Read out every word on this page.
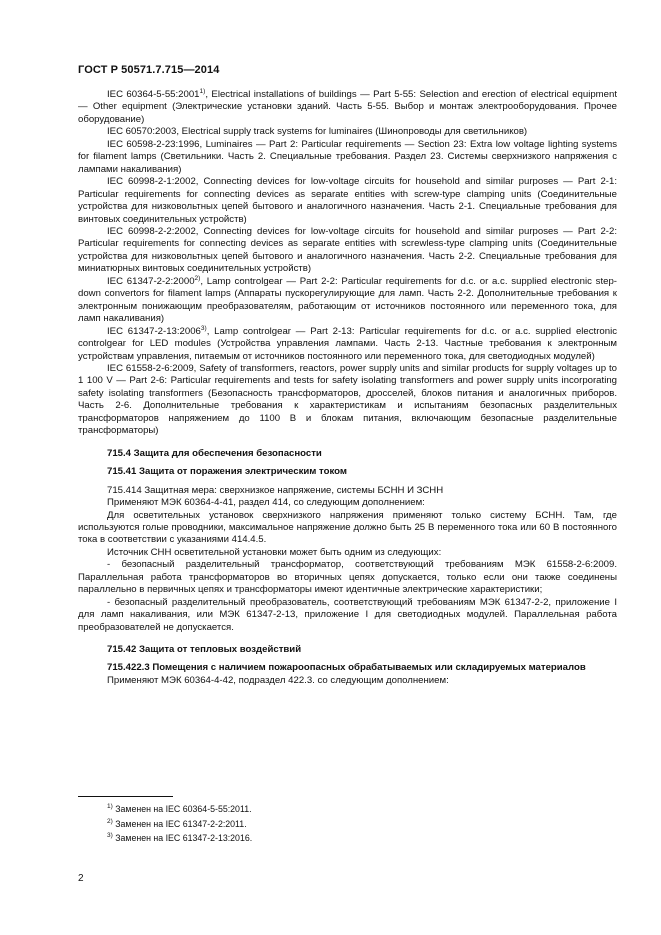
ГОСТ Р 50571.7.715—2014

IEC 60364-5-55:2001$^{1)}$, Electrical installations of buildings — Part 5-55: Selection and erection of electrical equipment — Other equipment (Электрические установки зданий. Часть 5-55. Выбор и монтаж электрооборудования. Прочее оборудование)

IEC 60570:2003, Electrical supply track systems for luminaires (Шинопроводы для светильников)

IEC 60598-2-23:1996, Luminaires — Part 2: Particular requirements — Section 23: Extra low voltage lighting systems for filament lamps (Светильники. Часть 2. Специальные требования. Раздел 23. Системы сверхнизкого напряжения с лампами накаливания)

IEC 60998-2-1:2002, Connecting devices for low-voltage circuits for household and similar purposes — Part 2-1: Particular requirements for connecting devices as separate entities with screw-type clamping units (Соединительные устройства для низковольтных цепей бытового и аналогичного назначения. Часть 2-1. Специальные требования для винтовых соединительных устройств)

IEC 60998-2-2:2002, Connecting devices for low-voltage circuits for household and similar purposes — Part 2-2: Particular requirements for connecting devices as separate entities with screwless-type clamping units (Соединительные устройства для низковольтных цепей бытового и аналогичного назначения. Часть 2-2. Специальные требования для миниатюрных винтовых соединительных устройств)

IEC 61347-2-2:2000$^{2)}$, Lamp controlgear — Part 2-2: Particular requirements for d.c. or a.c. supplied electronic step-down convertors for filament lamps (Аппараты пускорегулирующие для ламп. Часть 2-2. Дополнительные требования к электронным понижающим преобразователям, работающим от источников постоянного или переменного тока, для ламп накаливания)

IEC 61347-2-13:2006$^{3)}$, Lamp controlgear — Part 2-13: Particular requirements for d.c. or a.c. supplied electronic controlgear for LED modules (Устройства управления лампами. Часть 2-13. Частные требования к электронным устройствам управления, питаемым от источников постоянного или переменного тока, для светодиодных модулей)

IEC 61558-2-6:2009, Safety of transformers, reactors, power supply units and similar products for supply voltages up to 1 100 V — Part 2-6: Particular requirements and tests for safety isolating transformers and power supply units incorporating safety isolating transformers (Безопасность трансформаторов, дросселей, блоков питания и аналогичных приборов. Часть 2-6. Дополнительные требования к характеристикам и испытаниям безопасных разделительных трансформаторов напряжением до 1100 В и блокам питания, включающим безопасные разделительные трансформаторы)

715.4 Защита для обеспечения безопасности

715.41 Защита от поражения электрическим током

715.414 Защитная мера: сверхнизкое напряжение, системы БСНН И ЗСНН

Применяют МЭК 60364-4-41, раздел 414, со следующим дополнением:

Для осветительных установок сверхнизкого напряжения применяют только систему БСНН. Там, где используются голые проводники, максимальное напряжение должно быть 25 В переменного тока или 60 В постоянного тока в соответствии с указаниями 414.4.5.

Источник СНН осветительной установки может быть одним из следующих:

- безопасный разделительный трансформатор, соответствующий требованиям МЭК 61558-2-6:2009. Параллельная работа трансформаторов во вторичных цепях допускается, только если они также соединены параллельно в первичных цепях и трансформаторы имеют идентичные электрические характеристики;

- безопасный разделительный преобразователь, соответствующий требованиям МЭК 61347-2-2, приложение I для ламп накаливания, или МЭК 61347-2-13, приложение I для светодиодных модулей. Параллельная работа преобразователей не допускается.

715.42 Защита от тепловых воздействий

715.422.3 Помещения с наличием пожароопасных обрабатываемых или складируемых материалов

Применяют МЭК 60364-4-42, подраздел 422.3. со следующим дополнением:

$^{1)}$ Заменен на IEC 60364-5-55:2011.
$^{2)}$ Заменен на IEC 61347-2-2:2011.
$^{3)}$ Заменен на IEC 61347-2-13:2016.
2
